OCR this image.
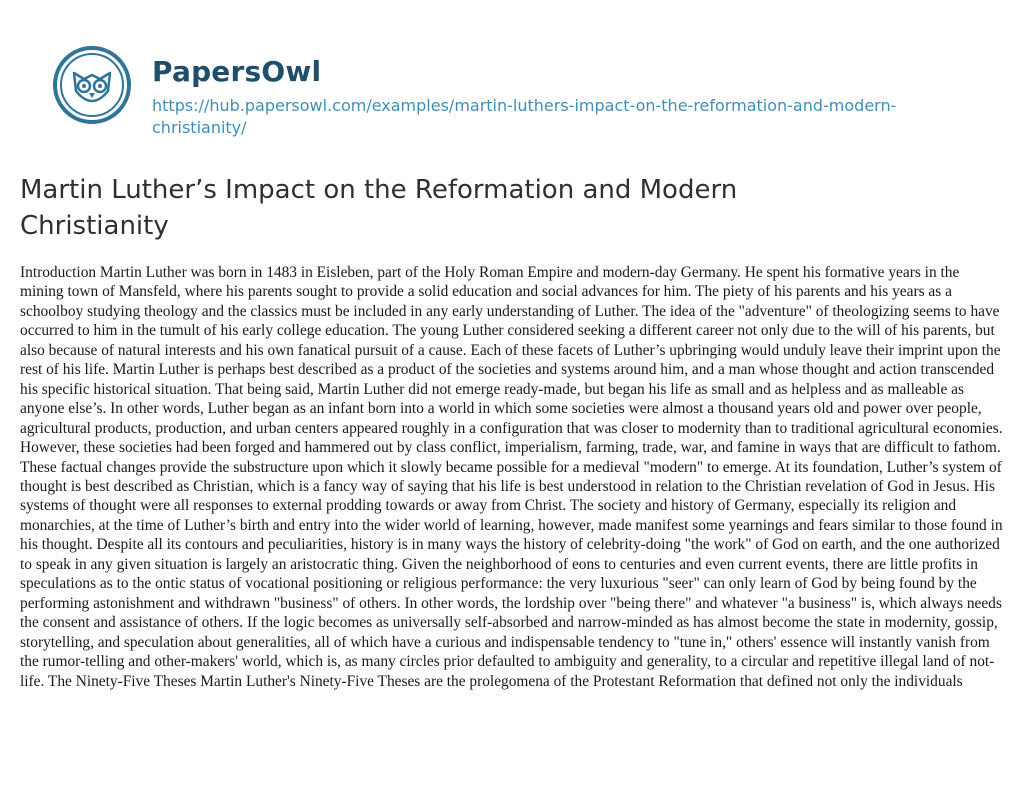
PapersOwl
https://hub.papersowl.com/examples/martin-luthers-impact-on-the-reformation-and-modern-christianity/
Martin Luther’s Impact on the Reformation and Modern Christianity

Introduction Martin Luther was born in 1483 in Eisleben, part of the Holy Roman Empire and modern-day Germany. He spent his formative years in the mining town of Mansfeld, where his parents sought to provide a solid education and social advances for him. The piety of his parents and his years as a schoolboy studying theology and the classics must be included in any early understanding of Luther. The idea of the "adventure" of theologizing seems to have occurred to him in the tumult of his early college education. The young Luther considered seeking a different career not only due to the will of his parents, but also because of natural interests and his own fanatical pursuit of a cause. Each of these facets of Luther’s upbringing would unduly leave their imprint upon the rest of his life. Martin Luther is perhaps best described as a product of the societies and systems around him, and a man whose thought and action transcended his specific historical situation. That being said, Martin Luther did not emerge ready-made, but began his life as small and as helpless and as malleable as anyone else’s. In other words, Luther began as an infant born into a world in which some societies were almost a thousand years old and power over people, agricultural products, production, and urban centers appeared roughly in a configuration that was closer to modernity than to traditional agricultural economies. However, these societies had been forged and hammered out by class conflict, imperialism, farming, trade, war, and famine in ways that are difficult to fathom. These factual changes provide the substructure upon which it slowly became possible for a medieval "modern" to emerge. At its foundation, Luther’s system of thought is best described as Christian, which is a fancy way of saying that his life is best understood in relation to the Christian revelation of God in Jesus. His systems of thought were all responses to external prodding towards or away from Christ. The society and history of Germany, especially its religion and monarchies, at the time of Luther’s birth and entry into the wider world of learning, however, made manifest some yearnings and fears similar to those found in his thought. Despite all its contours and peculiarities, history is in many ways the history of celebrity-doing "the work" of God on earth, and the one authorized to speak in any given situation is largely an aristocratic thing. Given the neighborhood of eons to centuries and even current events, there are little profits in speculations as to the ontic status of vocational positioning or religious performance: the very luxurious "seer" can only learn of God by being found by the performing astonishment and withdrawn "business" of others. In other words, the lordship over "being there" and whatever "a business" is, which always needs the consent and assistance of others. If the logic becomes as universally self-absorbed and narrow-minded as has almost become the state in modernity, gossip, storytelling, and speculation about generalities, all of which have a curious and indispensable tendency to "tune in," others' essence will instantly vanish from the rumor-telling and other-makers' world, which is, as many circles prior defaulted to ambiguity and generality, to a circular and repetitive illegal land of not-life. The Ninety-Five Theses Martin Luther's Ninety-Five Theses are the prolegomena of the Protestant Reformation that defined not only the individuals
